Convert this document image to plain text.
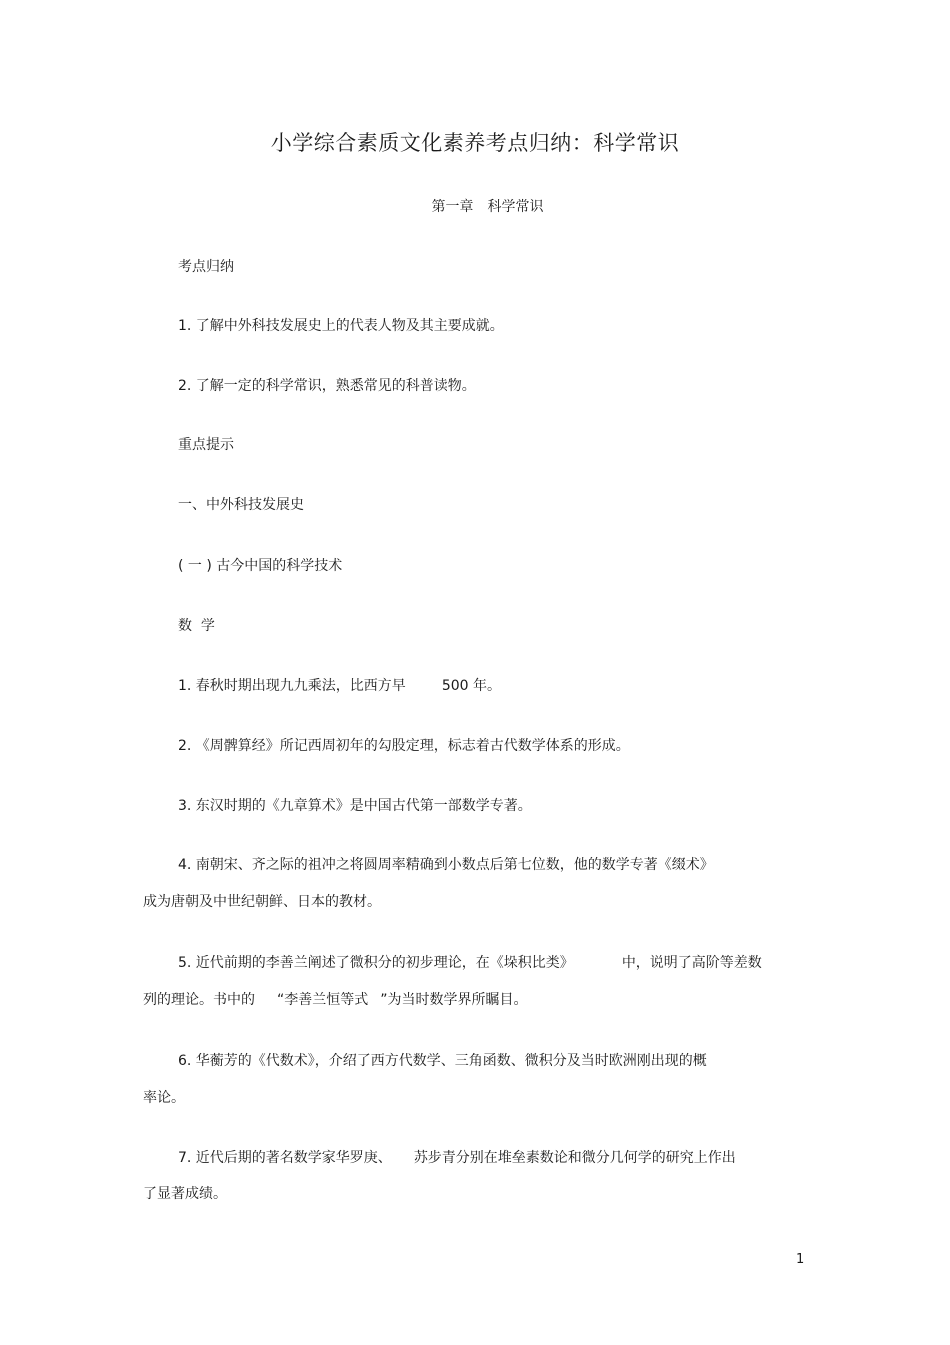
小学综合素质文化素养考点归纳：科学常识
第一章　科学常识
考点归纳
1. 了解中外科技发展史上的代表人物及其主要成就。
2. 了解一定的科学常识，熟悉常见的科普读物。
重点提示
一、中外科技发展史
( 一 ) 古今中国的科学技术
数  学
1. 春秋时期出现九九乘法，比西方早	500 年。
2. 《周髀算经》所记西周初年的勾股定理，标志着古代数学体系的形成。
3. 东汉时期的《九章算术》是中国古代第一部数学专著。
4. 南朝宋、齐之际的祖冲之将圆周率精确到小数点后第七位数，他的数学专著《缀术》
成为唐朝及中世纪朝鲜、日本的教材。
5. 近代前期的李善兰阐述了微积分的初步理论，在《垛积比类》	中，说明了高阶等差数
列的理论。书中的 “李善兰恒等式 ”为当时数学界所瞩目。
6. 华蘅芳的《代数术》，介绍了西方代数学、三角函数、微积分及当时欧洲刚出现的概
率论。
7. 近代后期的著名数学家华罗庚、 苏步青分别在堆垒素数论和微分几何学的研究上作出
了显著成绩。
1
